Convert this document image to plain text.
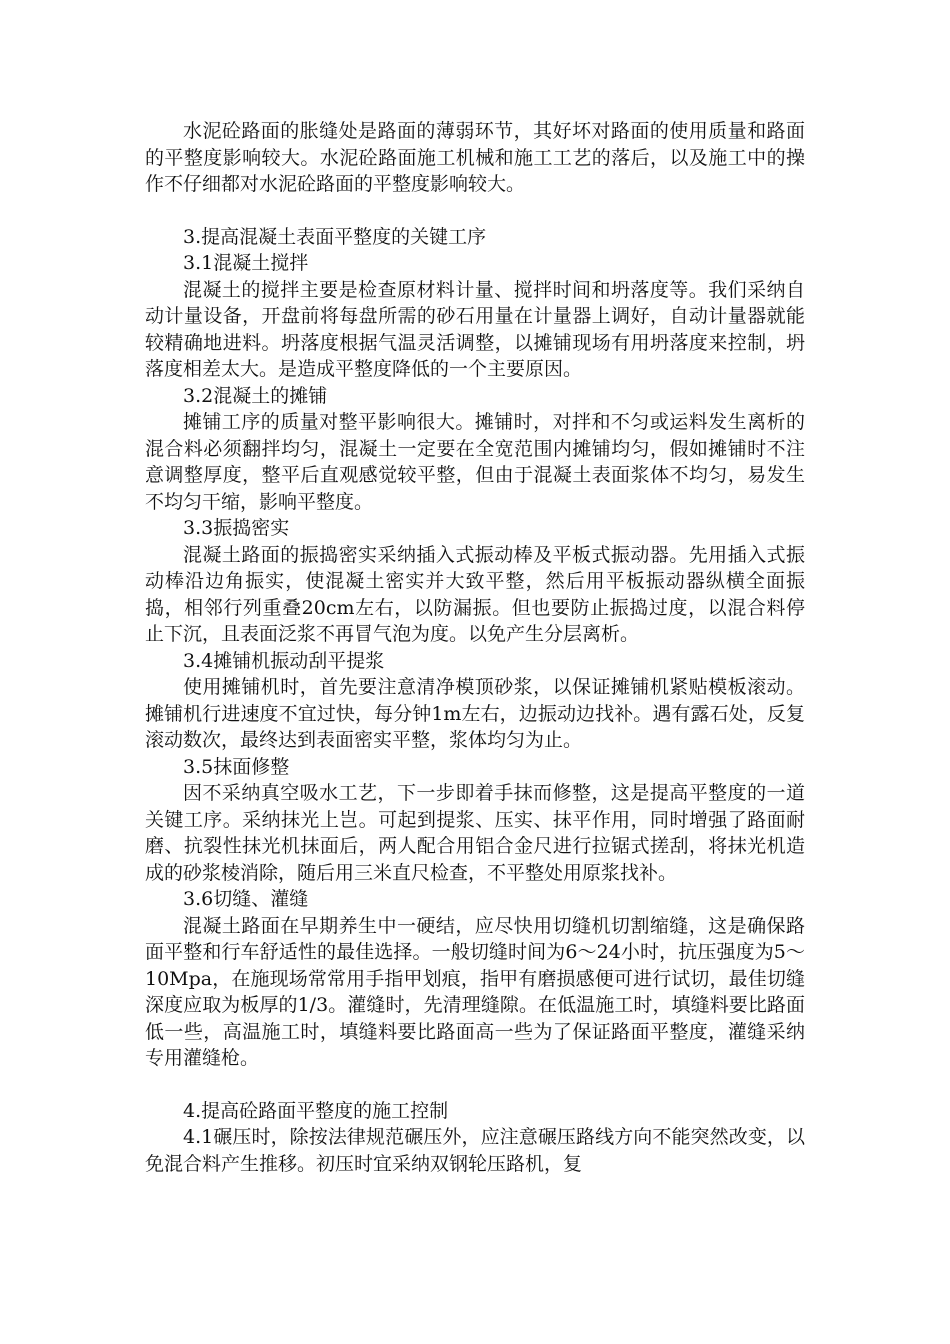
水泥砼路面的胀缝处是路面的薄弱环节，其好坏对路面的使用质量和路面的平整度影响较大。水泥砼路面施工机械和施工工艺的落后，以及施工中的操作不仔细都对水泥砼路面的平整度影响较大。

3.提高混凝土表面平整度的关键工序

3.1混凝土搅拌

混凝土的搅拌主要是检查原材料计量、搅拌时间和坍落度等。我们采纳自动计量设备，开盘前将每盘所需的砂石用量在计量器上调好，自动计量器就能较精确地进料。坍落度根据气温灵活调整，以摊铺现场有用坍落度来控制，坍落度相差太大。是造成平整度降低的一个主要原因。

3.2混凝土的摊铺

摊铺工序的质量对整平影响很大。摊铺时，对拌和不匀或运料发生离析的混合料必须翻拌均匀，混凝土一定要在全宽范围内摊铺均匀，假如摊铺时不注意调整厚度，整平后直观感觉较平整，但由于混凝土表面浆体不均匀，易发生不均匀干缩，影响平整度。

3.3振捣密实

混凝土路面的振捣密实采纳插入式振动棒及平板式振动器。先用插入式振动棒沿边角振实，使混凝土密实并大致平整，然后用平板振动器纵横全面振捣，相邻行列重叠20cm左右，以防漏振。但也要防止振捣过度，以混合料停止下沉，且表面泛浆不再冒气泡为度。以免产生分层离析。

3.4摊铺机振动刮平提浆

使用摊铺机时，首先要注意清净模顶砂浆，以保证摊铺机紧贴模板滚动。摊铺机行进速度不宜过快，每分钟1m左右，边振动边找补。遇有露石处，反复滚动数次，最终达到表面密实平整，浆体均匀为止。

3.5抹面修整

因不采纳真空吸水工艺，下一步即着手抹而修整，这是提高平整度的一道关键工序。采纳抹光上岂。可起到提浆、压实、抹平作用，同时增强了路面耐磨、抗裂性抹光机抹面后，两人配合用铝合金尺进行拉锯式搓刮，将抹光机造成的砂浆棱消除，随后用三米直尺检查，不平整处用原浆找补。

3.6切缝、灌缝

混凝土路面在早期养生中一硬结，应尽快用切缝机切割缩缝，这是确保路面平整和行车舒适性的最佳选择。一般切缝时间为6～24小时，抗压强度为5～10Mpa，在施现场常常用手指甲划痕，指甲有磨损感便可进行试切，最佳切缝深度应取为板厚的1/3。灌缝时，先清理缝隙。在低温施工时，填缝料要比路面低一些，高温施工时，填缝料要比路面高一些为了保证路面平整度，灌缝采纳专用灌缝枪。

4.提高砼路面平整度的施工控制

4.1碾压时，除按法律规范碾压外，应注意碾压路线方向不能突然改变，以免混合料产生推移。初压时宜采纳双钢轮压路机，复
